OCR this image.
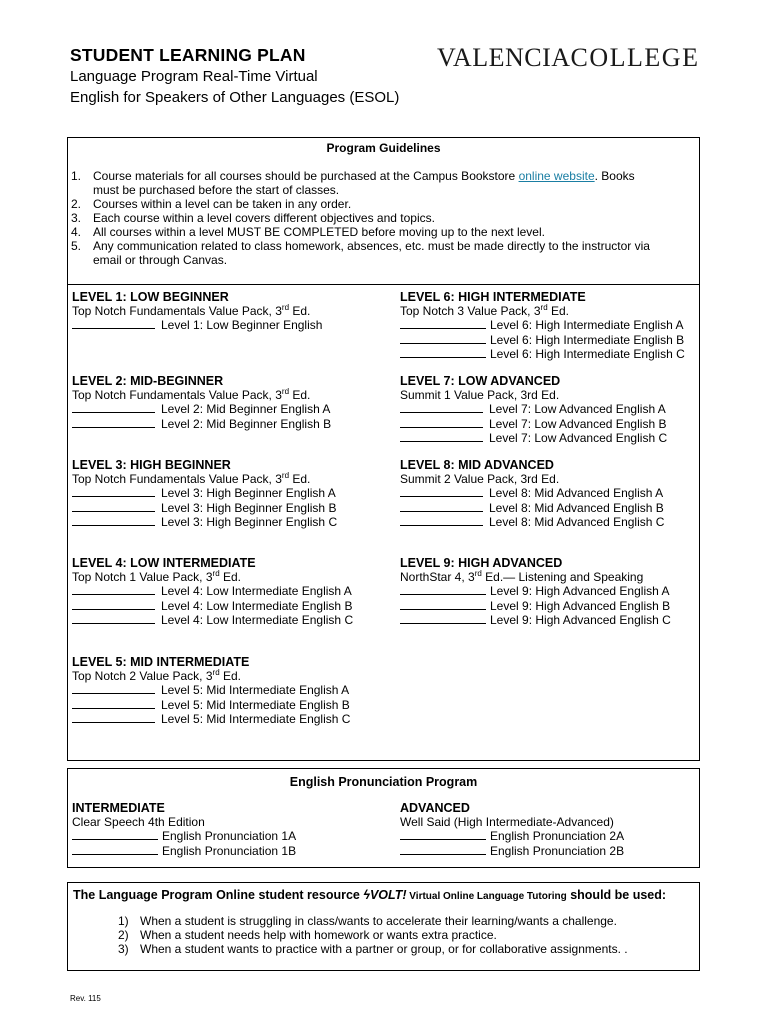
STUDENT LEARNING PLAN
Language Program Real-Time Virtual
English for Speakers of Other Languages (ESOL)
VALENCIACOLLEGE
Program Guidelines
1. Course materials for all courses should be purchased at the Campus Bookstore online website. Books
must be purchased before the start of classes.
2. Courses within a level can be taken in any order.
3. Each course within a level covers different objectives and topics.
4. All courses within a level MUST BE COMPLETED before moving up to the next level.
5. Any communication related to class homework, absences, etc. must be made directly to the instructor via
email or through Canvas.
LEVEL 1: LOW BEGINNER
Top Notch Fundamentals Value Pack, 3rd Ed.
Level 1: Low Beginner English
LEVEL 2: MID-BEGINNER
Top Notch Fundamentals Value Pack, 3rd Ed.
Level 2: Mid Beginner English A
Level 2: Mid Beginner English B
LEVEL 3: HIGH BEGINNER
Top Notch Fundamentals Value Pack, 3rd Ed.
Level 3: High Beginner English A
Level 3: High Beginner English B
Level 3: High Beginner English C
LEVEL 4: LOW INTERMEDIATE
Top Notch 1 Value Pack, 3rd Ed.
Level 4: Low Intermediate English A
Level 4: Low Intermediate English B
Level 4: Low Intermediate English C
LEVEL 5: MID INTERMEDIATE
Top Notch 2 Value Pack, 3rd Ed.
Level 5: Mid Intermediate English A
Level 5: Mid Intermediate English B
Level 5: Mid Intermediate English C
LEVEL 6: HIGH INTERMEDIATE
Top Notch 3 Value Pack, 3rd Ed.
Level 6: High Intermediate English A
Level 6: High Intermediate English B
Level 6: High Intermediate English C
LEVEL 7: LOW ADVANCED
Summit 1 Value Pack, 3rd Ed.
Level 7: Low Advanced English A
Level 7: Low Advanced English B
Level 7: Low Advanced English C
LEVEL 8: MID ADVANCED
Summit 2 Value Pack, 3rd Ed.
Level 8: Mid Advanced English A
Level 8: Mid Advanced English B
Level 8: Mid Advanced English C
LEVEL 9: HIGH ADVANCED
NorthStar 4, 3rd Ed.— Listening and Speaking
Level 9: High Advanced English A
Level 9: High Advanced English B
Level 9: High Advanced English C
English Pronunciation Program
INTERMEDIATE
Clear Speech 4th Edition
English Pronunciation 1A
English Pronunciation 1B
ADVANCED
Well Said (High Intermediate-Advanced)
English Pronunciation 2A
English Pronunciation 2B
The Language Program Online student resource ϟVOLT! Virtual Online Language Tutoring should be used:
1) When a student is struggling in class/wants to accelerate their learning/wants a challenge.
2) When a student needs help with homework or wants extra practice.
3) When a student wants to practice with a partner or group, or for collaborative assignments. .
Rev. 115
